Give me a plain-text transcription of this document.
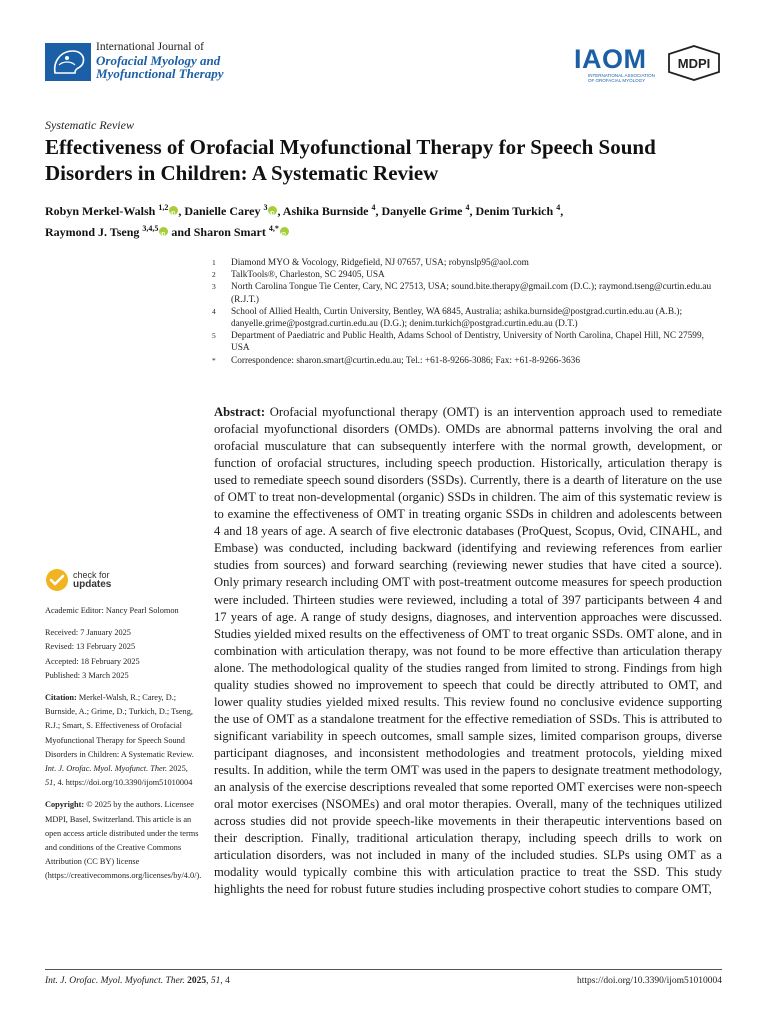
International Journal of
Orofacial Myology and
Myofunctional Therapy	IAOM
INTERNATIONAL ASSOCIATION OF OROFACIAL MYOLOGY
MDPI
Systematic Review
Effectiveness of Orofacial Myofunctional Therapy for Speech Sound Disorders in Children: A Systematic Review
Robyn Merkel-Walsh $^{1,2}$ iD , Danielle Carey $^3$ iD , Ashika Burnside $^4$, Danyelle Grime $^4$, Denim Turkich $^4$,
Raymond J. Tseng $^{3,4,5}$iD and Sharon Smart $^{4,*}$iD
1	Diamond MYO & Vocology, Ridgefield, NJ 07657, USA; robynslp95@aol.com
2	TalkTools®, Charleston, SC 29405, USA
3	North Carolina Tongue Tie Center, Cary, NC 27513, USA; sound.bite.therapy@gmail.com (D.C.); raymond.tseng@curtin.edu.au (R.J.T.)
4	School of Allied Health, Curtin University, Bentley, WA 6845, Australia; ashika.burnside@postgrad.curtin.edu.au (A.B.); danyelle.grime@postgrad.curtin.edu.au (D.G.); denim.turkich@postgrad.curtin.edu.au (D.T.)
5	Department of Paediatric and Public Health, Adams School of Dentistry, University of North Carolina, Chapel Hill, NC 27599, USA
*	Correspondence: sharon.smart@curtin.edu.au; Tel.: +61-8-9266-3086; Fax: +61-8-9266-3636
Abstract: Orofacial myofunctional therapy (OMT) is an intervention approach used to remediate orofacial myofunctional disorders (OMDs). OMDs are abnormal patterns involving the oral and orofacial musculature that can subsequently interfere with the normal growth, development, or function of orofacial structures, including speech production. Historically, articulation therapy is used to remediate speech sound disorders (SSDs). Currently, there is a dearth of literature on the use of OMT to treat non-developmental (organic) SSDs in children. The aim of this systematic review is to examine the effectiveness of OMT in treating organic SSDs in children and adolescents between 4 and 18 years of age. A search of five electronic databases (ProQuest, Scopus, Ovid, CINAHL, and Embase) was conducted, including backward (identifying and reviewing references from earlier studies from sources) and forward searching (reviewing newer studies that have cited a source). Only primary research including OMT with post-treatment outcome measures for speech production were included. Thirteen studies were reviewed, including a total of 397 participants between 4 and 17 years of age. A range of study designs, diagnoses, and intervention approaches were discussed. Studies yielded mixed results on the effectiveness of OMT to treat organic SSDs. OMT alone, and in combination with articulation therapy, was not found to be more effective than articulation therapy alone. The methodological quality of the studies ranged from limited to strong. Findings from high quality studies showed no improvement to speech that could be directly attributed to OMT, and lower quality studies yielded mixed results. This review found no conclusive evidence supporting the use of OMT as a standalone treatment for the effective remediation of SSDs. This is attributed to significant variability in speech outcomes, small sample sizes, limited comparison groups, diverse participant diagnoses, and inconsistent methodologies and treatment protocols, yielding mixed results. In addition, while the term OMT was used in the papers to designate treatment methodology, an analysis of the exercise descriptions revealed that some reported OMT exercises were non-speech oral motor exercises (NSOMEs) and oral motor therapies. Overall, many of the techniques utilized across studies did not provide speech-like movements in their therapeutic interventions based on their description. Finally, traditional articulation therapy, including speech drills to work on articulation disorders, was not included in many of the included studies. SLPs using OMT as a modality would typically combine this with articulation practice to treat the SSD. This study highlights the need for robust future studies including prospective cohort studies to compare OMT,
check for
updates
Academic Editor: Nancy Pearl Solomon
Received: 7 January 2025
Revised: 13 February 2025
Accepted: 18 February 2025
Published: 3 March 2025
Citation: Merkel-Walsh, R.; Carey, D.; Burnside, A.; Grime, D.; Turkich, D.; Tseng, R.J.; Smart, S. Effectiveness of Orofacial Myofunctional Therapy for Speech Sound Disorders in Children: A Systematic Review. Int. J. Orofac. Myol. Myofunct. Ther. 2025, 51, 4. https://doi.org/10.3390/ijom51010004
Copyright: © 2025 by the authors. Licensee MDPI, Basel, Switzerland. This article is an open access article distributed under the terms and conditions of the Creative Commons Attribution (CC BY) license (https://creativecommons.org/licenses/by/4.0/).
Int. J. Orofac. Myol. Myofunct. Ther. 2025, 51, 4	https://doi.org/10.3390/ijom51010004
